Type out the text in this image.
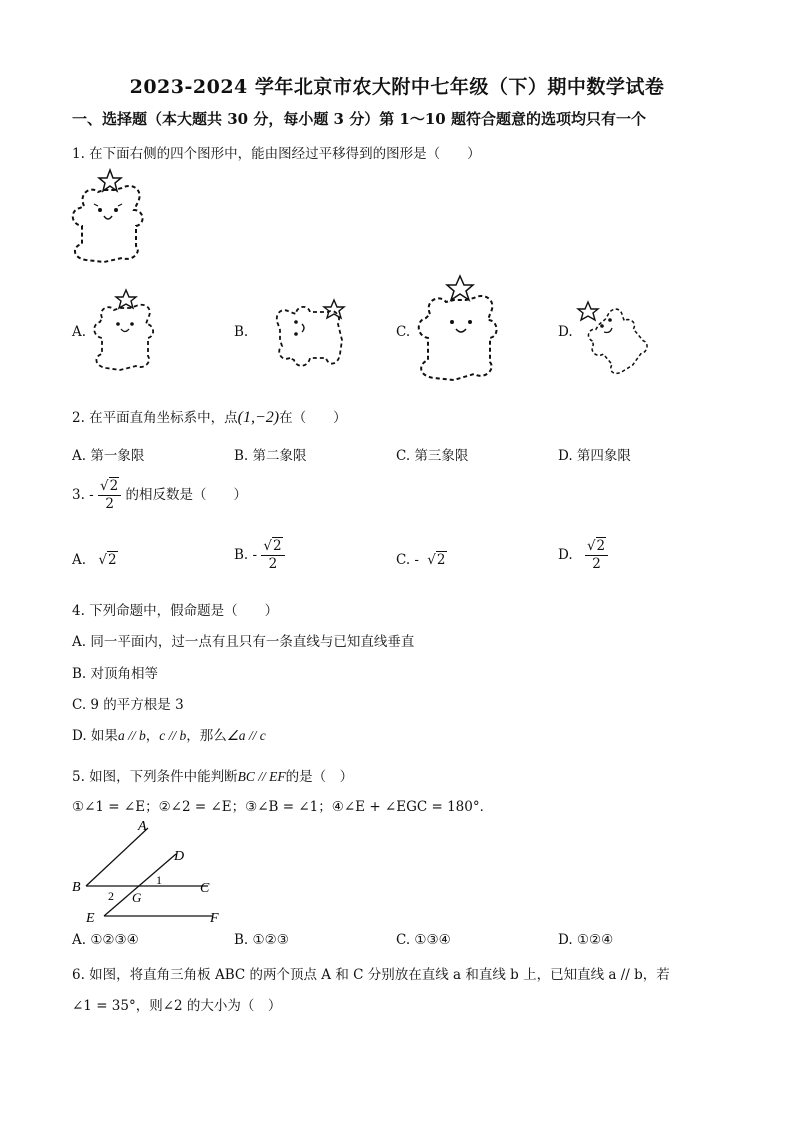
2023-2024 学年北京市农大附中七年级（下）期中数学试卷
一、选择题（本大题共 30 分，每小题 3 分）第 1～10 题符合题意的选项均只有一个
1. 在下面右侧的四个图形中，能由图经过平移得到的图形是（　　）
A.	B.	C.	D.
2. 在平面直角坐标系中，点(1,−2)在（　　）
A. 第一象限	B. 第二象限	C. 第三象限	D. 第四象限
3. - $\frac{√2}{2}$ 的相反数是（　　）
A. √2	B. - $\frac{√2}{2}$	C. - √2	D. $\frac{√2}{2}$
4. 下列命题中，假命题是（　　）
A. 同一平面内，过一点有且只有一条直线与已知直线垂直
B. 对顶角相等
C. 9 的平方根是 3
D. 如果a // b，c // b，那么∠a // c
5. 如图，下列条件中能判断BC // EF的是（　）
①∠1 = ∠E；②∠2 = ∠E；③∠B = ∠1；④∠E + ∠EGC = 180°．
A
D
B	C
E	F
G
1
2
A. ①②③④	B. ①②③	C. ①③④	D. ①②④
6. 如图，将直角三角板 ABC 的两个顶点 A 和 C 分别放在直线 a 和直线 b 上，已知直线 a // b，若
∠1 = 35°，则∠2 的大小为（　）
